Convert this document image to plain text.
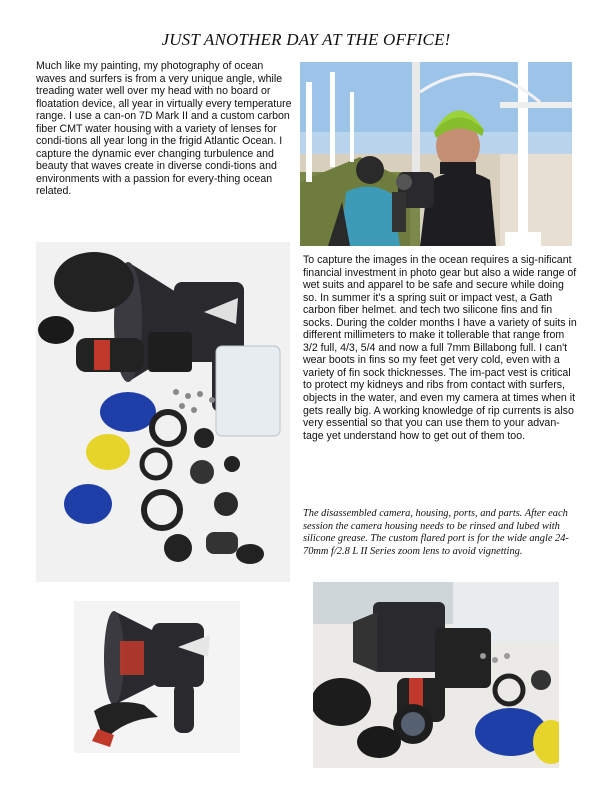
JUST ANOTHER DAY AT THE OFFICE!

Much like my painting, my photography of ocean waves and surfers is from a very unique angle, while treading water well over my head with no board or floatation device, all year in virtually every temperature range. I use a can-on 7D Mark II and a custom carbon fiber CMT water housing with a variety of lenses for condi-tions all year long in the frigid Atlantic Ocean. I capture the dynamic ever changing turbulence and beauty that waves create in diverse condi-tions and environments with a passion for every-thing ocean related.

To capture the images in the ocean requires a sig-nificant financial investment in photo gear but also a wide range of wet suits and apparel to be safe and secure while doing so. In summer it's a spring suit or impact vest, a Gath carbon fiber helmet. and tech two silicone fins and fin socks. During the colder months I have a variety of suits in different millimeters to make it tollerable that range from 3/2 full, 4/3, 5/4 and now a full 7mm Billabong full. I can't wear boots in fins so my feet get very cold, even with a variety of fin sock thicknesses. The im-pact vest is critical to protect my kidneys and ribs from contact with surfers, objects in the water, and even my camera at times when it gets really big. A working knowledge of rip currents is also very essential so that you can use them to your advan-tage yet understand how to get out of them too.

The disassembled camera, housing, ports, and parts. After each session the camera housing needs to be rinsed and lubed with silicone grease. The custom flared port is for the wide angle 24-70mm f/2.8 L II Series zoom lens to avoid vignetting.
